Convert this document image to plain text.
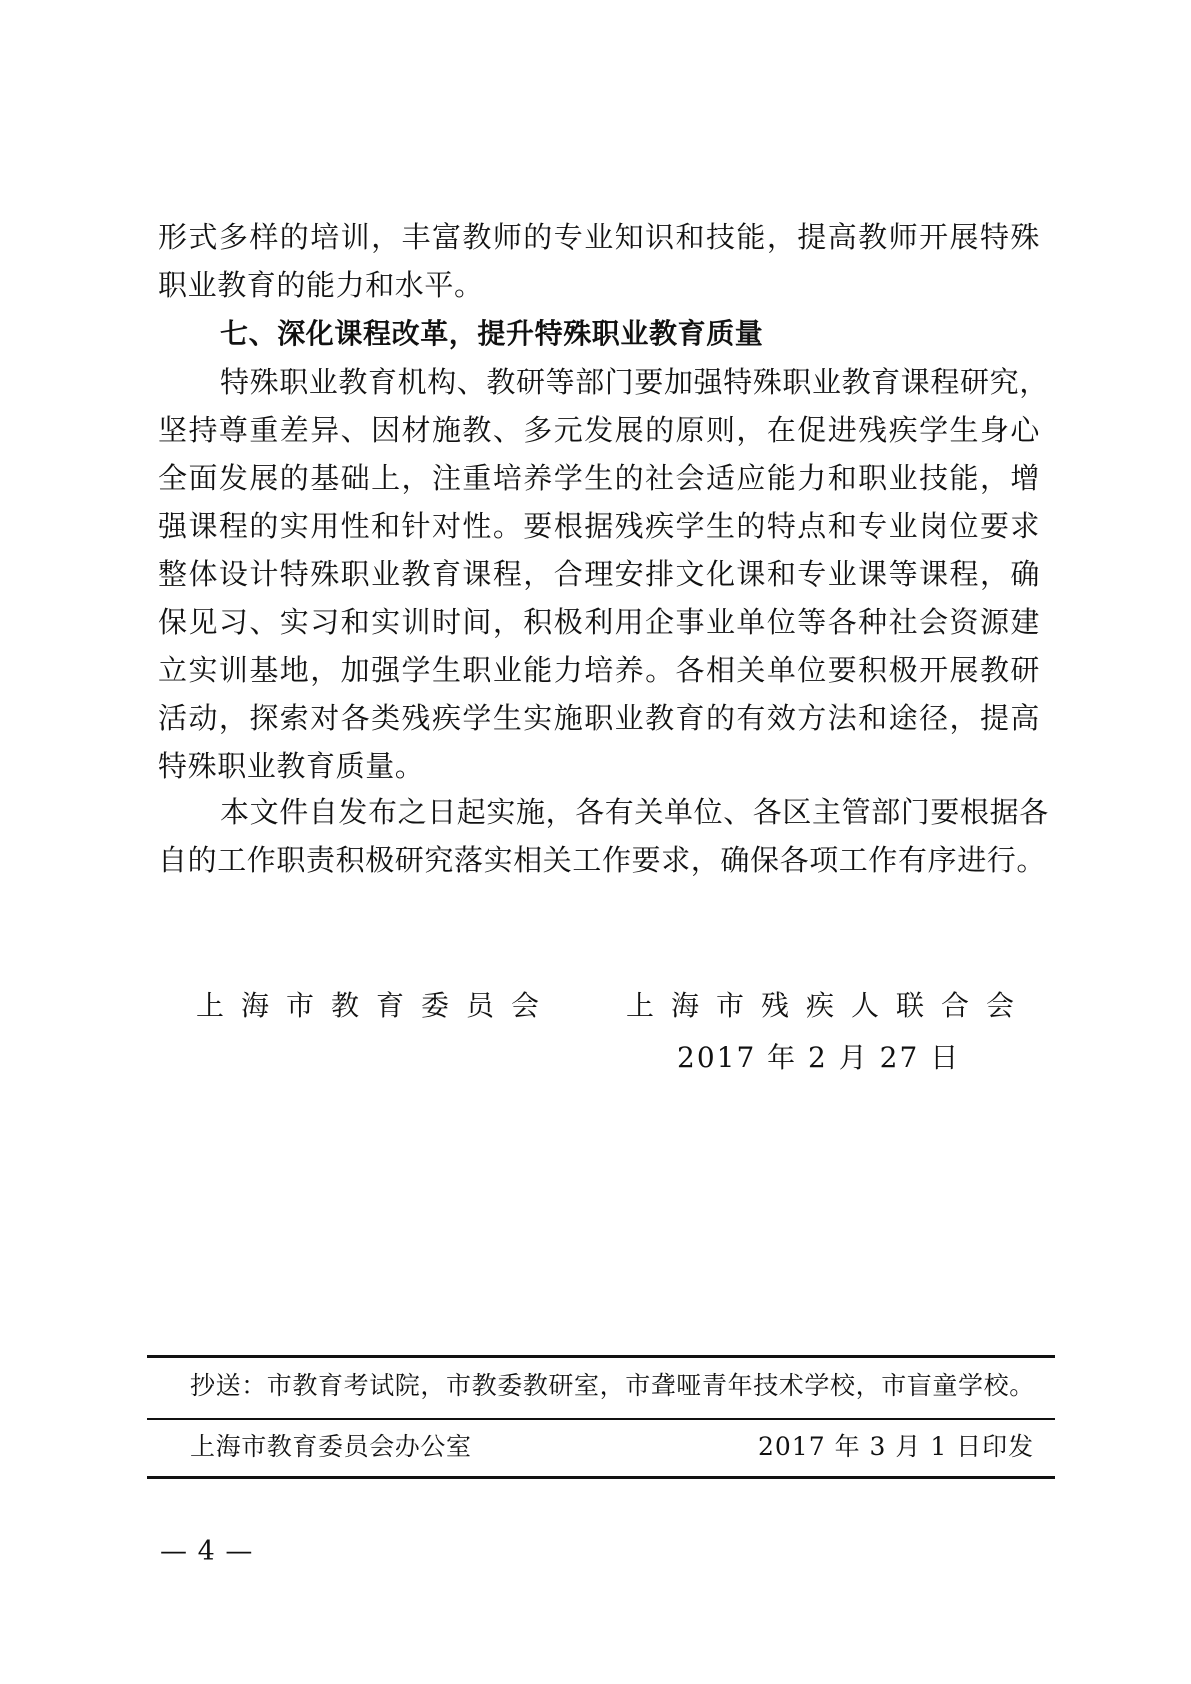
形式多样的培训，丰富教师的专业知识和技能，提高教师开展特殊
职业教育的能力和水平。
七、深化课程改革，提升特殊职业教育质量
特殊职业教育机构、教研等部门要加强特殊职业教育课程研究，
坚持尊重差异、因材施教、多元发展的原则，在促进残疾学生身心
全面发展的基础上，注重培养学生的社会适应能力和职业技能，增
强课程的实用性和针对性。要根据残疾学生的特点和专业岗位要求
整体设计特殊职业教育课程，合理安排文化课和专业课等课程，确
保见习、实习和实训时间，积极利用企事业单位等各种社会资源建
立实训基地，加强学生职业能力培养。各相关单位要积极开展教研
活动，探索对各类残疾学生实施职业教育的有效方法和途径，提高
特殊职业教育质量。
本文件自发布之日起实施，各有关单位、各区主管部门要根据各
自的工作职责积极研究落实相关工作要求，确保各项工作有序进行。
上海市教育委员会 上海市残疾人联合会
2017 年 2 月 27 日
抄送：市教育考试院，市教委教研室，市聋哑青年技术学校，市盲童学校。
上海市教育委员会办公室	2017 年 3 月 1 日印发
— 4 —
